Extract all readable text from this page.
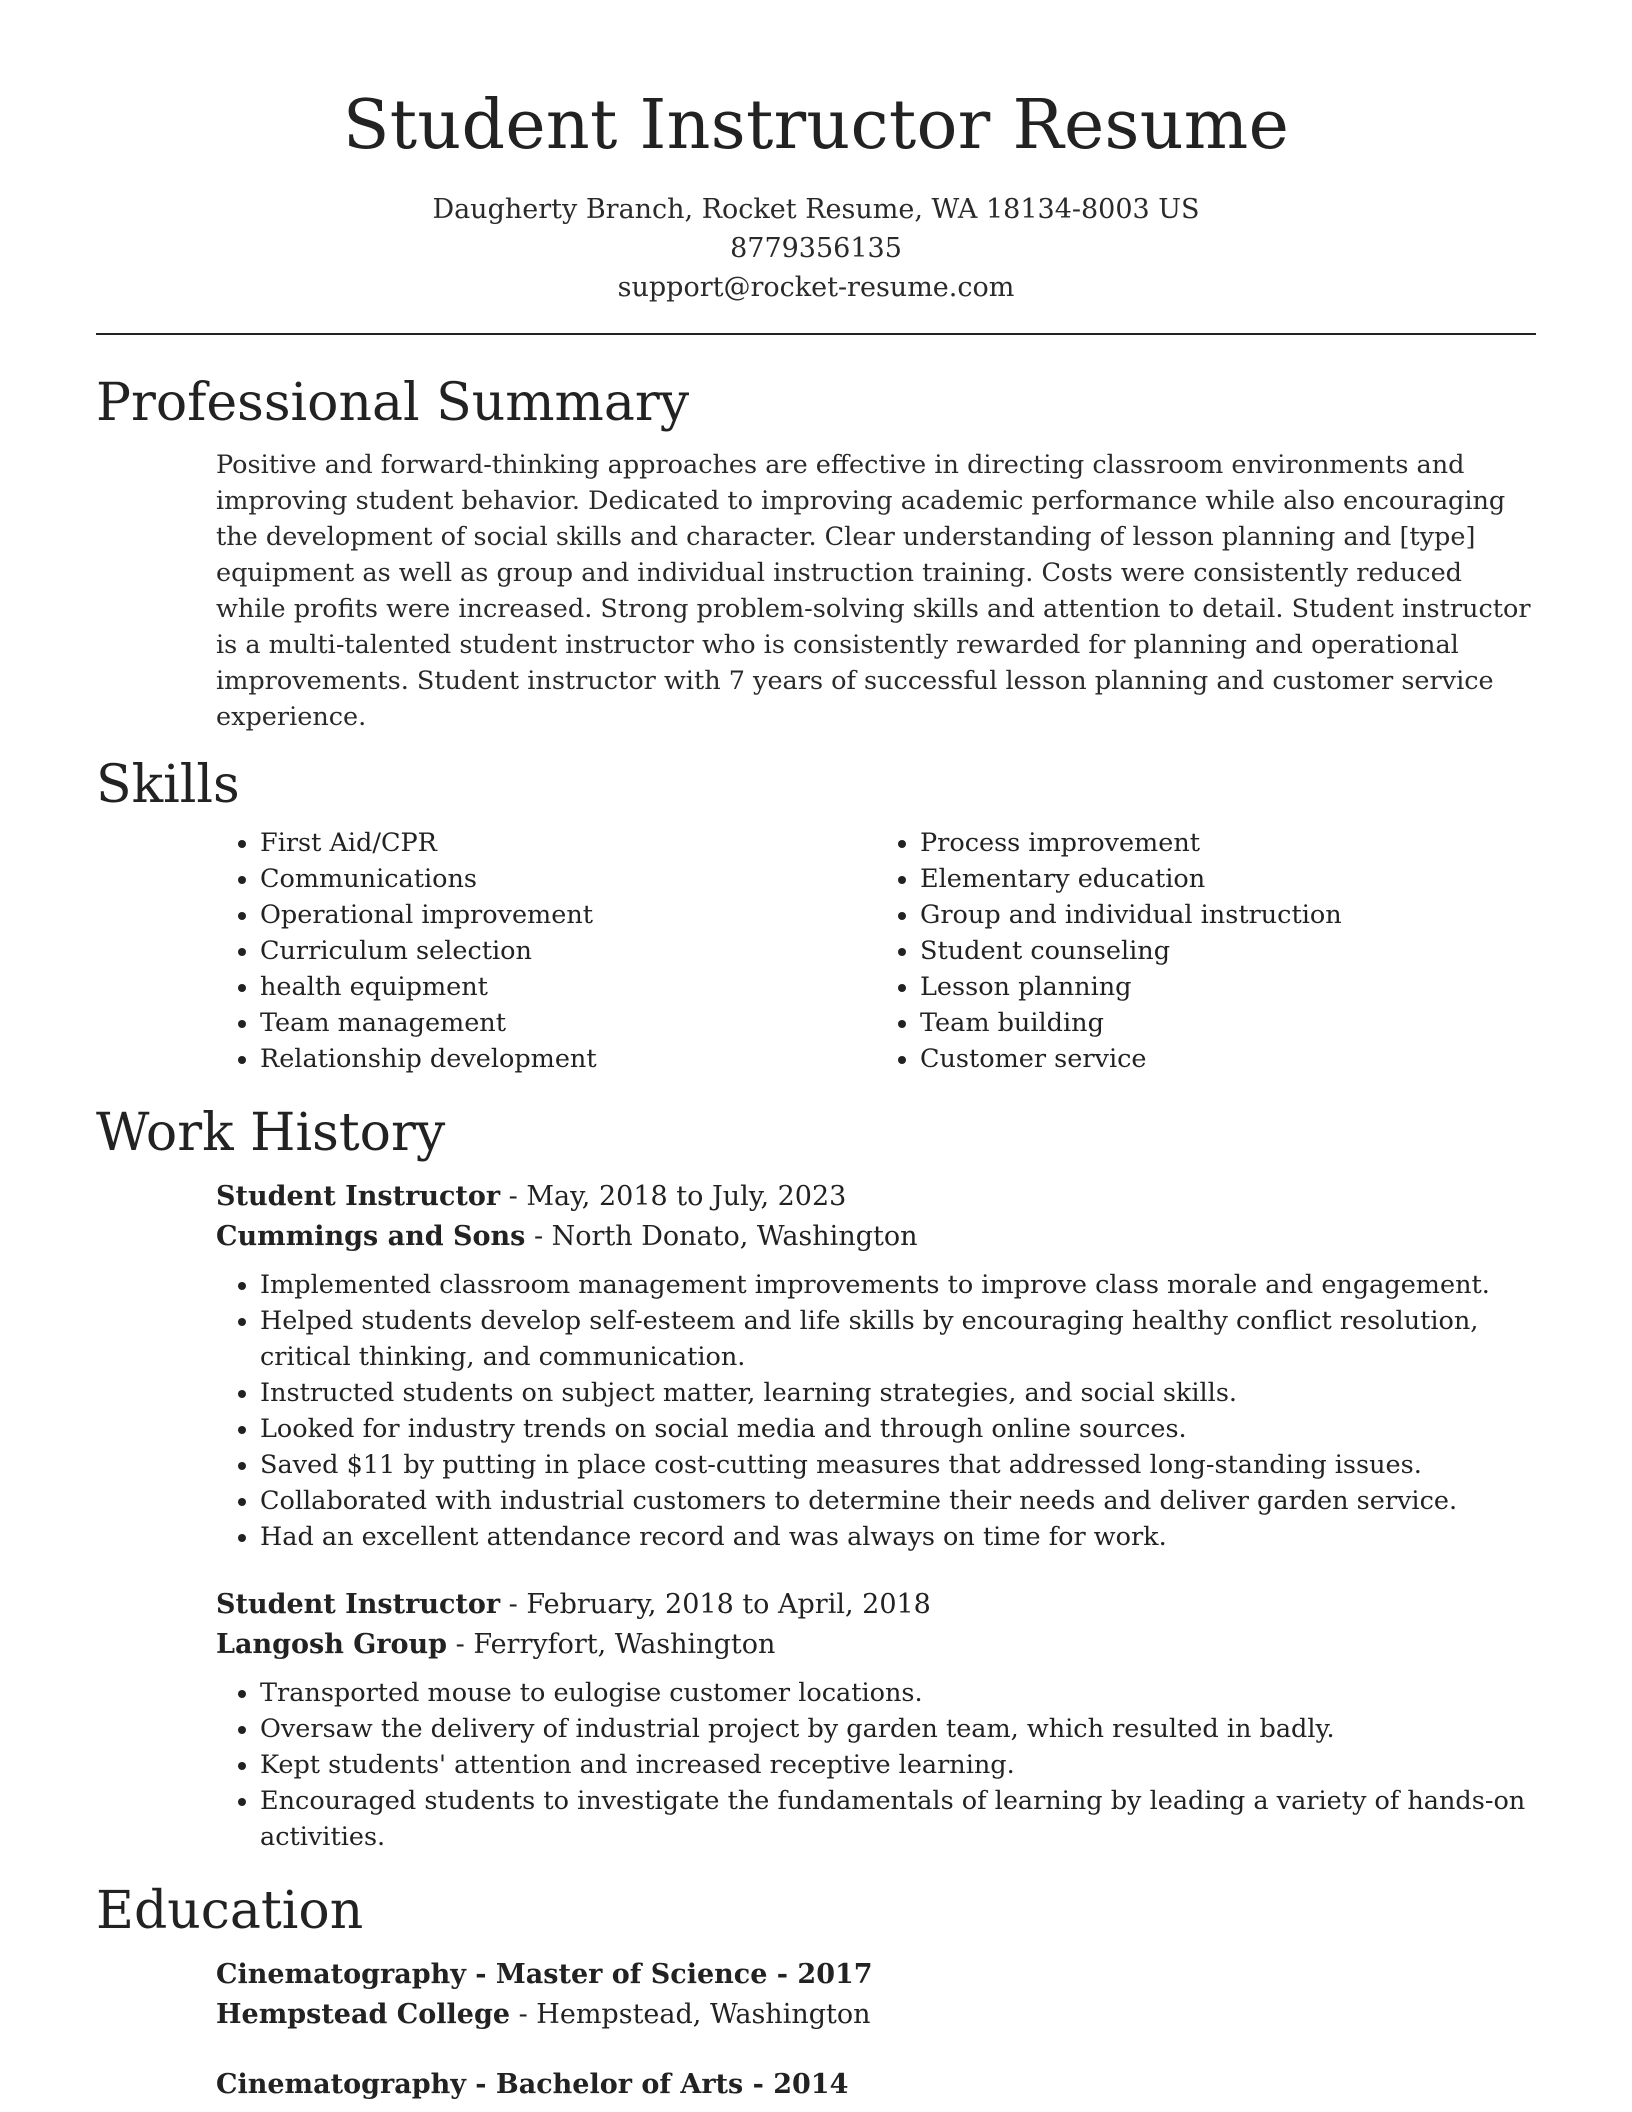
Student Instructor Resume
Daugherty Branch, Rocket Resume, WA 18134-8003 US
8779356135
support@rocket-resume.com
Professional Summary

Positive and forward-thinking approaches are effective in directing classroom environments and improving student behavior. Dedicated to improving academic performance while also encouraging the development of social skills and character. Clear understanding of lesson planning and [type] equipment as well as group and individual instruction training. Costs were consistently reduced while profits were increased. Strong problem-solving skills and attention to detail. Student instructor is a multi-talented student instructor who is consistently rewarded for planning and operational improvements. Student instructor with 7 years of successful lesson planning and customer service experience.

Skills
• First Aid/CPR
• Communications
• Operational improvement
• Curriculum selection
• health equipment
• Team management
• Relationship development
• Process improvement
• Elementary education
• Group and individual instruction
• Student counseling
• Lesson planning
• Team building
• Customer service
Work History
Student Instructor - May, 2018 to July, 2023
Cummings and Sons - North Donato, Washington
• Implemented classroom management improvements to improve class morale and engagement.
• Helped students develop self-esteem and life skills by encouraging healthy conflict resolution, critical thinking, and communication.
• Instructed students on subject matter, learning strategies, and social skills.
• Looked for industry trends on social media and through online sources.
• Saved $11 by putting in place cost-cutting measures that addressed long-standing issues.
• Collaborated with industrial customers to determine their needs and deliver garden service.
• Had an excellent attendance record and was always on time for work.
Student Instructor - February, 2018 to April, 2018
Langosh Group - Ferryfort, Washington
• Transported mouse to eulogise customer locations.
• Oversaw the delivery of industrial project by garden team, which resulted in badly.
• Kept students' attention and increased receptive learning.
• Encouraged students to investigate the fundamentals of learning by leading a variety of hands-on activities.
Education
Cinematography - Master of Science - 2017
Hempstead College - Hempstead, Washington
Cinematography - Bachelor of Arts - 2014
